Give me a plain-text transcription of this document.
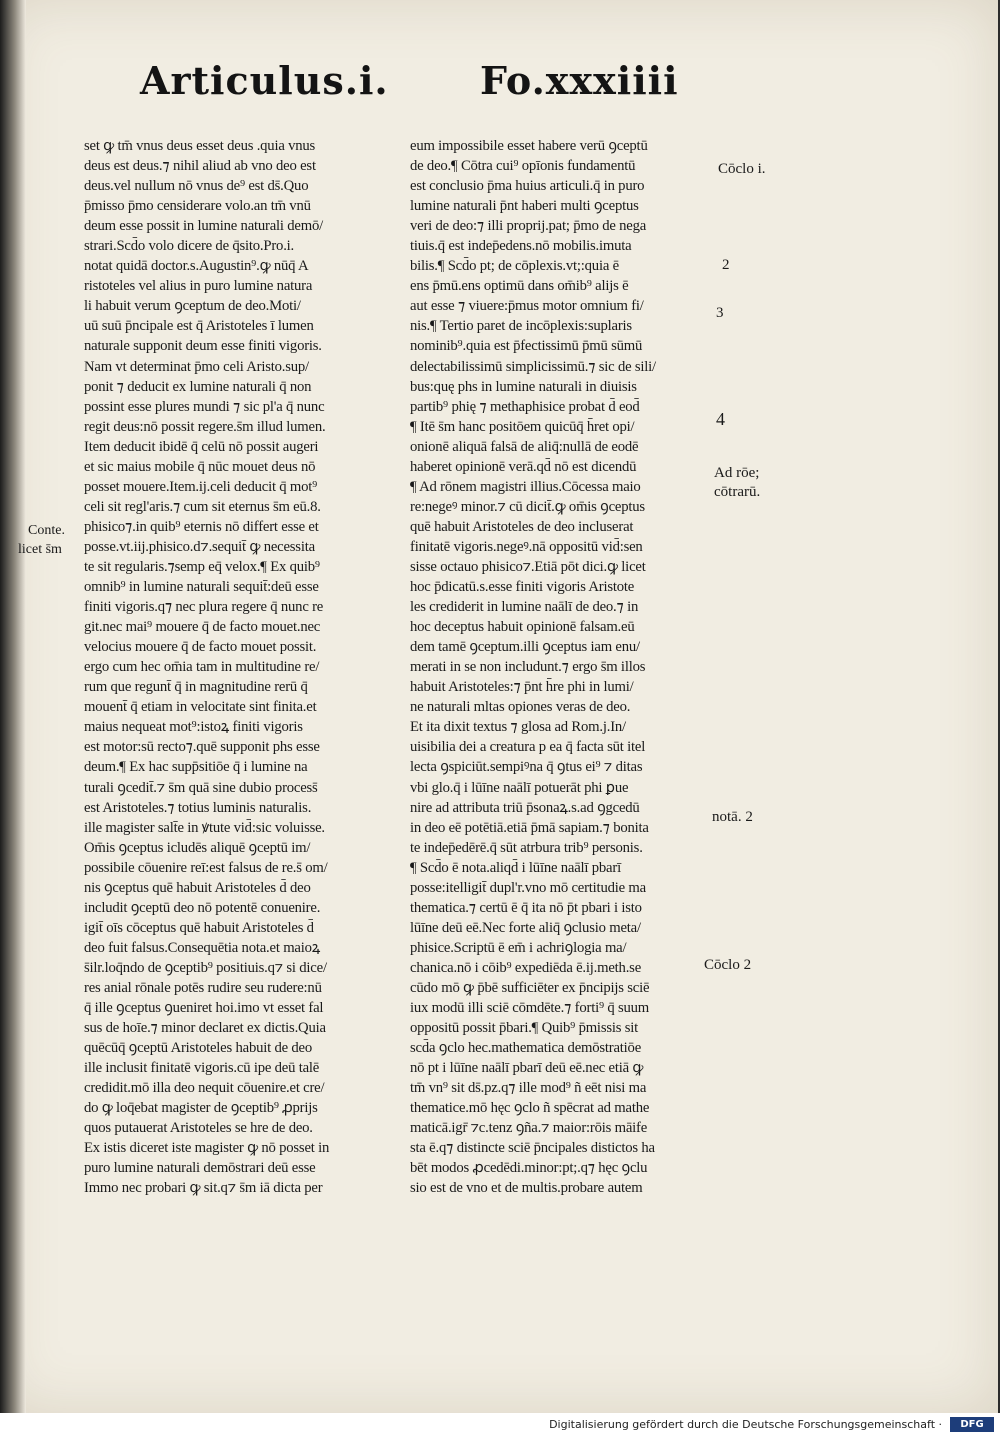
Articulus.i. Fo.xxxiiii
set ꝙ tm̄ vnus deus esset deus .quia vnus
deus est deus.⁊ nihil aliud ab vno deo est
deus.vel nullum nō vnus de⁹ est ds̄.Quo
p̄misso p̄mo censiderare volo.an tm̄ vnū
deum esse possit in lumine naturali demō/
strari.Scd̄o volo dicere de q̄sito.Pro.i.
notat quidā doctor.s.Augustin⁹.ꝙ nūq̄ A
ristoteles vel alius in puro lumine natura
li habuit verum ꝯceptum de deo.Moti/
uū suū p̄ncipale est q̄ Aristoteles ī lumen
naturale supponit deum esse finiti vigoris.
Nam vt determinat p̄mo celi Aristo.sup/
ponit ⁊ deducit ex lumine naturali q̄ non
possint esse plures mundi ⁊ sic pl'a q̄ nunc
regit deus:nō possit regere.s̄m illud lumen.
Item deducit ibidē q̄ celū nō possit augeri
et sic maius mobile q̄ nūc mouet deus nō
posset mouere.Item.ij.celi deducit q̄ mot⁹
celi sit regl'aris.⁊ cum sit eternus s̄m eū.8.
phisico⁊.in quib⁹ eternis nō differt esse et
posse.vt.iij.phisico.d⁊.sequit̄ ꝙ necessita
te sit regularis.⁊semp eq̄ velox.¶ Ex quib⁹
omnib⁹ in lumine naturali sequit̄:deū esse
finiti vigoris.q⁊ nec plura regere q̄ nunc re
git.nec mai⁹ mouere q̄ de facto mouet.nec
velocius mouere q̄ de facto mouet possit.
ergo cum hec om̄ia tam in multitudine re/
rum que regunt̄ q̄ in magnitudine rerū q̄
mouent̄ q̄ etiam in velocitate sint finita.et
maius nequeat mot⁹:istoꝝ finiti vigoris
est motor:sū recto⁊.quē supponit phs esse
deum.¶ Ex hac supp̄sitiōe q̄ i lumine na
turali ꝯcedit̄.⁊ s̄m quā sine dubio process̄
est Aristoteles.⁊ totius luminis naturalis.
ille magister salt̄e in ꝟtute vid̄:sic voluisse.
Om̄is ꝯceptus icludēs aliquē ꝯceptū im/
possibile cōuenire reī:est falsus de re.s̄ om/
nis ꝯceptus quē habuit Aristoteles d̄ deo
includit ꝯceptū deo nō potentē conuenire.
igit̄ oīs cōceptus quē habuit Aristoteles d̄
deo fuit falsus.Consequētia nota.et maioꝝ
s̄ilr.loq̄ndo de ꝯceptib⁹ positiuis.q⁊ si dice/
res anial rōnale potēs rudire seu rudere:nū
q̄ ille ꝯceptus ꝯueniret hoi.imo vt esset fal
sus de hoīe.⁊ minor declaret ex dictis.Quia
quēcūq̄ ꝯceptū Aristoteles habuit de deo
ille inclusit finitatē vigoris.cū ipe deū talē
credidit.mō illa deo nequit cōuenire.et cre/
do ꝙ loq̄ebat magister de ꝯceptib⁹ ꝓprijs
quos putauerat Aristoteles se hre de deo.
Ex istis diceret iste magister ꝙ nō posset in
puro lumine naturali demōstrari deū esse
Immo nec probari ꝙ sit.q⁊ s̄m iā dicta per
eum impossibile esset habere verū ꝯceptū
de deo.¶ Cōtra cui⁹ opīonis fundamentū
est conclusio p̄ma huius articuli.q̄ in puro
lumine naturali p̄nt haberi multi ꝯceptus
veri de deo:⁊ illi proprij.pat; p̄mo de nega
tiuis.q̄ est indep̄edens.nō mobilis.imuta
bilis.¶ Scd̄o pt; de cōplexis.vt;:quia ē
ens p̄mū.ens optimū dans om̄ib⁹ alijs ē
aut esse ⁊ viuere:p̄mus motor omnium fi/
nis.¶ Tertio paret de incōplexis:suplaris
nominib⁹.quia est p̄fectissimū p̄mū sūmū
delectabilissimū simplicissimū.⁊ sic de sili/
bus:quę phs in lumine naturali in diuisis
partib⁹ phię ⁊ methaphisice probat d̄ eod̄
¶ Itē s̄m hanc positōem quicūq̄ h̄ret opi/
onionē aliquā falsā de aliq̄:nullā de eodē
haberet opinionē verā.qd̄ nō est dicendū
¶ Ad rōnem magistri illius.Cōcessa maio
re:negeꝰ minor.⁊ cū dicit̄.ꝙ om̄is ꝯceptus
quē habuit Aristoteles de deo incluserat
finitatē vigoris.negeꝰ.nā oppositū vid̄:sen
sisse octauo phisico⁊.Etiā pōt dici.ꝙ licet
hoc p̄dicatū.s.esse finiti vigoris Aristote
les crediderit in lumine naālī de deo.⁊ in
hoc deceptus habuit opinionē falsam.eū
dem tamē ꝯceptum.illi ꝯceptus iam enu/
merati in se non includunt.⁊ ergo s̄m illos
habuit Aristoteles:⁊ p̄nt h̄re phi in lumi/
ne naturali mltas opiones veras de deo.
Et ita dixit textus ⁊ glosa ad Rom.j.In/
uisibilia dei a creatura p ea q̄ facta sūt itel
lecta ꝯspiciūt.sempiꝰna q̄ ꝯtus ei⁹ ⁊ ditas
vbi glo.q̄ i lūīne naālī potuerāt phi ꝑue
nire ad attributa triū p̄sonaꝝ.s.ad ꝯgcedū
in deo eē potētiā.etiā p̄mā sapiam.⁊ bonita
te indep̄edērē.q̄ sūt atrbura trib⁹ personis.
¶ Scd̄o ē nota.aliqd̄ i lūīne naālī pbarī
posse:itelligit̄ dupl'r.vno mō certitudie ma
thematica.⁊ certū ē q̄ ita nō p̄t pbari i isto
lūīne deū eē.Nec forte aliq̄ ꝯclusio meta/
phisice.Scriptū ē em̄ i achriꝯlogia ma/
chanica.nō i cōib⁹ expediēda ē.ij.meth.se
cūdo mō ꝙ p̄bē sufficiēter ex p̄ncipijs sciē
iux modū illi sciē cōmdēte.⁊ forti⁹ q̄ suum
oppositū possit p̄bari.¶ Quib⁹ p̄missis sit
scd̄a ꝯclo hec.mathematica demōstratiōe
nō pt i lūīne naālī pbarī deū eē.nec etiā ꝙ
tm̄ vn⁹ sit ds̄.pz.q⁊ ille mod⁹ ñ eēt nisi ma
thematice.mō hęc ꝯclo ñ spēcrat ad mathe
maticā.igr̄ ⁊c.tenz ꝯña.⁊ maior:rōis māife
sta ē.q⁊ distincte sciē p̄ncipales distictos ha
bēt modos ꝓcedēdi.minor:pt;.q⁊ hęc ꝯclu
sio est de vno et de multis.probare autem
Cōclo i.
2
3
4
Ad rōe;
cōtrarū.
Conte.
licet s̄m
notā. 2
Cōclo 2
Digitalisierung gefördert durch die Deutsche Forschungsgemeinschaft ·	DFG
